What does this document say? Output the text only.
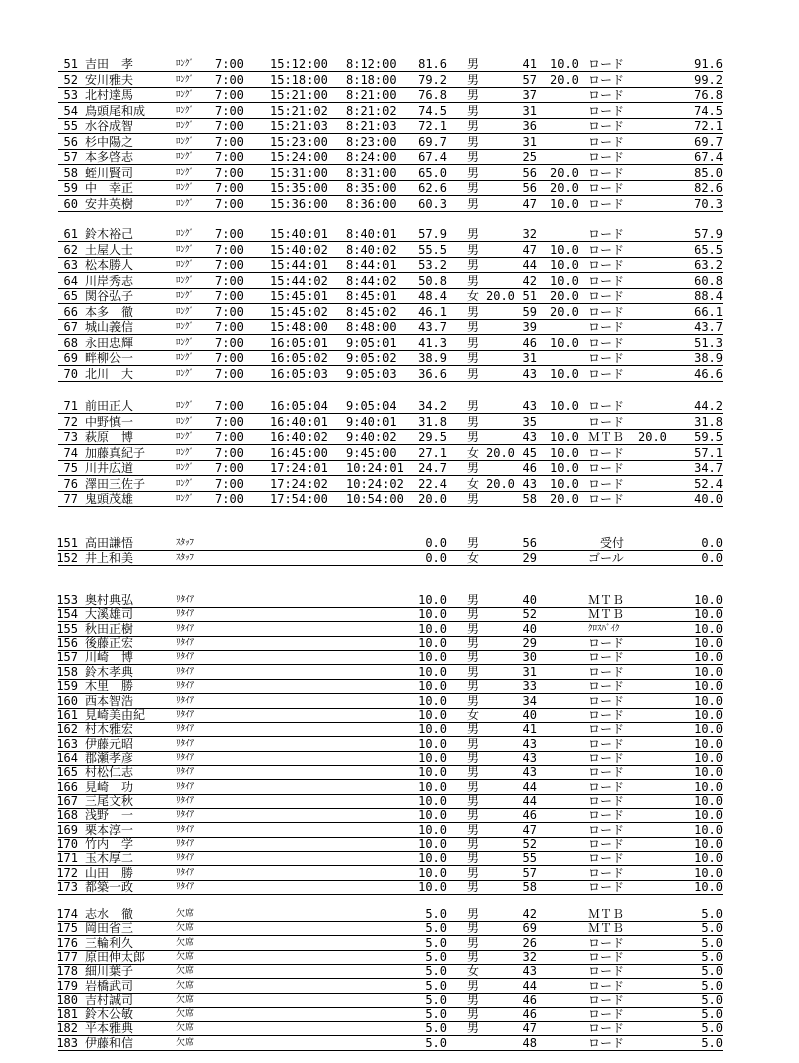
51 吉田　孝	ﾛﾝｸﾞ 7:00 15:12:00 8:12:00 81.6 男	41 10.0 ロード	91.6
52 安川雅夫	ﾛﾝｸﾞ 7:00 15:18:00 8:18:00 79.2 男	57 20.0 ロード	99.2
53 北村達馬	ﾛﾝｸﾞ 7:00 15:21:00 8:21:00 76.8 男	37	ロード	76.8
54 鳥頭尾和成	ﾛﾝｸﾞ 7:00 15:21:02 8:21:02 74.5 男	31	ロード	74.5
55 水谷成智	ﾛﾝｸﾞ 7:00 15:21:03 8:21:03 72.1 男	36	ロード	72.1
56 杉中陽之	ﾛﾝｸﾞ 7:00 15:23:00 8:23:00 69.7 男	31	ロード	69.7
57 本多啓志	ﾛﾝｸﾞ 7:00 15:24:00 8:24:00 67.4 男	25	ロード	67.4
58 蛭川賢司	ﾛﾝｸﾞ 7:00 15:31:00 8:31:00 65.0 男	56 20.0 ロード	85.0
59 中　幸正	ﾛﾝｸﾞ 7:00 15:35:00 8:35:00 62.6 男	56 20.0 ロード	82.6
60 安井英樹	ﾛﾝｸﾞ 7:00 15:36:00 8:36:00 60.3 男	47 10.0 ロード	70.3
61 鈴木裕己	ﾛﾝｸﾞ 7:00 15:40:01 8:40:01 57.9 男	32	ロード	57.9
62 土屋人士	ﾛﾝｸﾞ 7:00 15:40:02 8:40:02 55.5 男	47 10.0 ロード	65.5
63 松本勝人	ﾛﾝｸﾞ 7:00 15:44:01 8:44:01 53.2 男	44 10.0 ロード	63.2
64 川岸秀志	ﾛﾝｸﾞ 7:00 15:44:02 8:44:02 50.8 男	42 10.0 ロード	60.8
65 関谷弘子	ﾛﾝｸﾞ 7:00 15:45:01 8:45:01 48.4 女 20.0 51 20.0 ロード	88.4
66 本多　徹	ﾛﾝｸﾞ 7:00 15:45:02 8:45:02 46.1 男	59 20.0 ロード	66.1
67 城山義信	ﾛﾝｸﾞ 7:00 15:48:00 8:48:00 43.7 男	39	ロード	43.7
68 永田忠輝	ﾛﾝｸﾞ 7:00 16:05:01 9:05:01 41.3 男	46 10.0 ロード	51.3
69 畔柳公一	ﾛﾝｸﾞ 7:00 16:05:02 9:05:02 38.9 男	31	ロード	38.9
70 北川　大	ﾛﾝｸﾞ 7:00 16:05:03 9:05:03 36.6 男	43 10.0 ロード	46.6
71 前田正人	ﾛﾝｸﾞ 7:00 16:05:04 9:05:04 34.2 男	43 10.0 ロード	44.2
72 中野慎一	ﾛﾝｸﾞ 7:00 16:40:01 9:40:01 31.8 男	35	ロード	31.8
73 萩原　博	ﾛﾝｸﾞ 7:00 16:40:02 9:40:02 29.5 男	43 10.0 ＭＴＢ 20.0 59.5
74 加藤真紀子	ﾛﾝｸﾞ 7:00 16:45:00 9:45:00 27.1 女 20.0 45 10.0 ロード	57.1
75 川井広道	ﾛﾝｸﾞ 7:00 17:24:01 10:24:01 24.7 男	46 10.0 ロード	34.7
76 澤田三佐子	ﾛﾝｸﾞ 7:00 17:24:02 10:24:02 22.4 女 20.0 43 10.0 ロード	52.4
77 鬼頭茂雄	ﾛﾝｸﾞ 7:00 17:54:00 10:54:00 20.0 男	58 20.0 ロード	40.0
151 高田謙悟	ｽﾀｯﾌ	0.0 男	56	　受付	0.0
152 井上和美	ｽﾀｯﾌ	0.0 女	29	ゴール	0.0
153 奥村典弘	ﾘﾀｲｱ	10.0 男	40	ＭＴＢ	10.0
154 大溪雄司	ﾘﾀｲｱ	10.0 男	52	ＭＴＢ	10.0
155 秋田正樹	ﾘﾀｲｱ	10.0 男	40	ｸﾛｽﾊﾞｲｸ	10.0
156 後藤正宏	ﾘﾀｲｱ	10.0 男	29	ロード	10.0
157 川崎　博	ﾘﾀｲｱ	10.0 男	30	ロード	10.0
158 鈴木孝典	ﾘﾀｲｱ	10.0 男	31	ロード	10.0
159 木里　勝	ﾘﾀｲｱ	10.0 男	33	ロード	10.0
160 西本智浩	ﾘﾀｲｱ	10.0 男	34	ロード	10.0
161 見崎美由紀	ﾘﾀｲｱ	10.0 女	40	ロード	10.0
162 村木雅宏	ﾘﾀｲｱ	10.0 男	41	ロード	10.0
163 伊藤元昭	ﾘﾀｲｱ	10.0 男	43	ロード	10.0
164 郡瀬孝彦	ﾘﾀｲｱ	10.0 男	43	ロード	10.0
165 村松仁志	ﾘﾀｲｱ	10.0 男	43	ロード	10.0
166 見崎　功	ﾘﾀｲｱ	10.0 男	44	ロード	10.0
167 三尾文秋	ﾘﾀｲｱ	10.0 男	44	ロード	10.0
168 浅野　一	ﾘﾀｲｱ	10.0 男	46	ロード	10.0
169 栗本淳一	ﾘﾀｲｱ	10.0 男	47	ロード	10.0
170 竹内　学	ﾘﾀｲｱ	10.0 男	52	ロード	10.0
171 玉木厚二	ﾘﾀｲｱ	10.0 男	55	ロード	10.0
172 山田　勝	ﾘﾀｲｱ	10.0 男	57	ロード	10.0
173 都築一政	ﾘﾀｲｱ	10.0 男	58	ロード	10.0
174 志水　徹	欠席	5.0 男	42	ＭＴＢ	5.0
175 岡田省三	欠席	5.0 男	69	ＭＴＢ	5.0
176 三輪利久	欠席	5.0 男	26	ロード	5.0
177 原田伸太郎	欠席	5.0 男	32	ロード	5.0
178 細川葉子	欠席	5.0 女	43	ロード	5.0
179 岩橋武司	欠席	5.0 男	44	ロード	5.0
180 吉村誠司	欠席	5.0 男	46	ロード	5.0
181 鈴木公敏	欠席	5.0 男	46	ロード	5.0
182 平本雅典	欠席	5.0 男	47	ロード	5.0
183 伊藤和信	欠席	5.0	48	ロード	5.0
